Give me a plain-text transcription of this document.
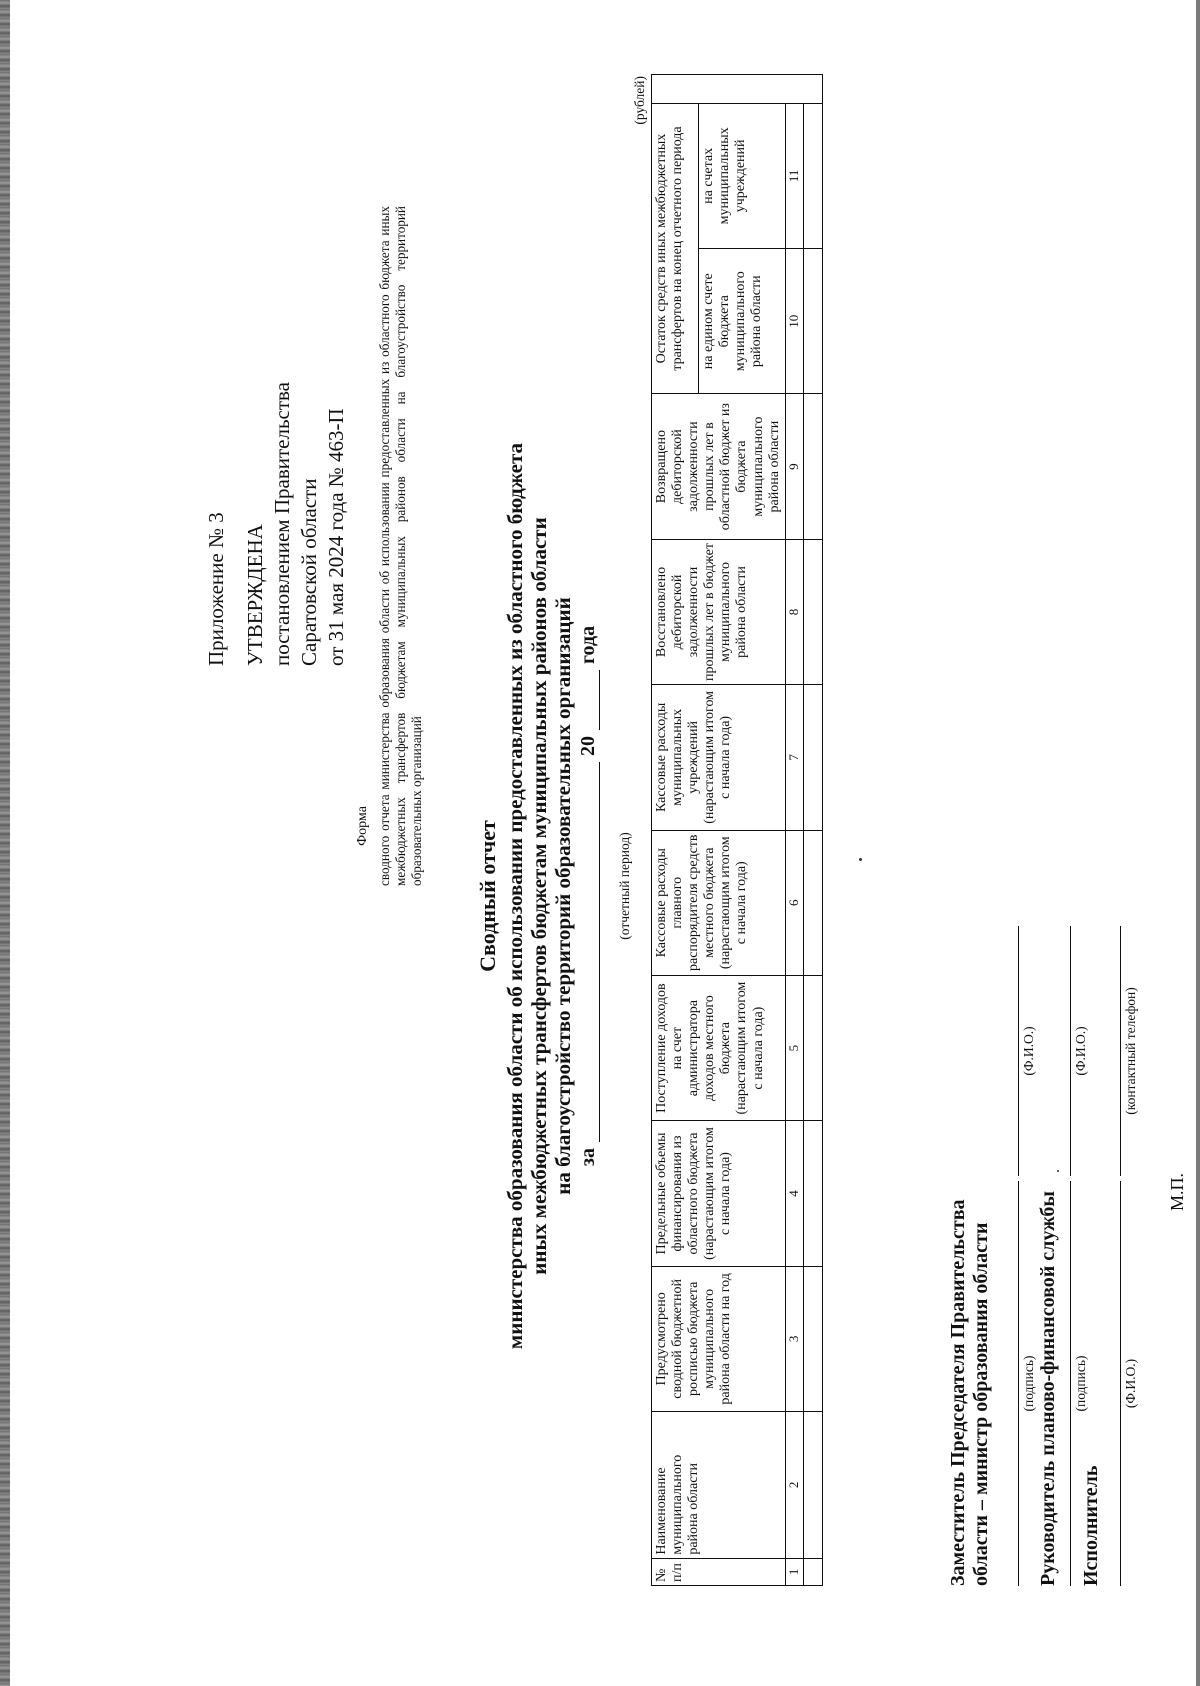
Приложение № 3 УТВЕРЖДЕНА постановлением Правительства Саратовской области от 31 мая 2024 года № 463-П
Форма сводного отчета министерства образования области об использовании предоставленных из областного бюджета иных межбюджетных трансфертов бюджетам муниципальных районов области на благоустройство территорий образовательных организаций
Сводный отчет министерства образования области об использовании предоставленных из областного бюджета иных межбюджетных трансфертов бюджетам муниципальных районов области на благоустройство территорий образовательных организаций за
20
года
(отчетный период)
(рублей)
№ п/п	Наименование муниципального района области	Предусмотрено сводной бюджетной росписью бюджета муниципального района области на год	Предельные объемы финансирования из областного бюджета (нарастающим итогом с начала года)	Поступление доходов на счет администратора доходов местного бюджета (нарастающим итогом с начала года)	Кассовые расходы главного распорядителя средств местного бюджета (нарастающим итогом с начала года)	Кассовые расходы муниципальных учреждений (нарастающим итогом с начала года)	Восстановлено дебиторской задолженности прошлых лет в бюджет муниципального района области	Возвращено дебиторской задолженности прошлых лет в областной бюджет из бюджета муниципального района области	Остаток средств иных межбюджетных трансфертов на конец отчетного периода		
									на едином счете бюджета муниципального района области	на счетах муниципальных учреждений	
1	2	3	4	5	6	7	8	9	10	11	

Заместитель Председателя Правительства области – министр образования области (подпись)
(Ф.И.О.)
Руководитель планово-финансовой службы (подпись)
(Ф.И.О.)
Исполнитель
(Ф.И.О.)
(контактный телефон)
М.П.
